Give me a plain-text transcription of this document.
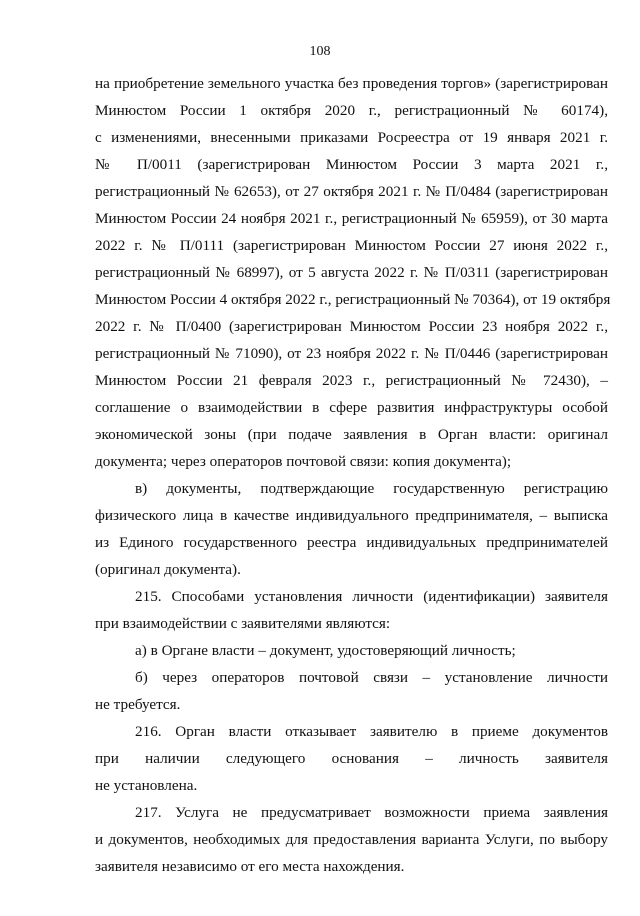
108
на приобретение земельного участка без проведения торгов» (зарегистрирован
Минюстом России 1 октября 2020 г., регистрационный № 60174),
с изменениями, внесенными приказами Росреестра от 19 января 2021 г.
№ П/0011 (зарегистрирован Минюстом России 3 марта 2021 г.,
регистрационный № 62653), от 27 октября 2021 г. № П/0484 (зарегистрирован
Минюстом России 24 ноября 2021 г., регистрационный № 65959), от 30 марта
2022 г. № П/0111 (зарегистрирован Минюстом России 27 июня 2022 г.,
регистрационный № 68997), от 5 августа 2022 г. № П/0311 (зарегистрирован
Минюстом России 4 октября 2022 г., регистрационный № 70364), от 19 октября
2022 г. № П/0400 (зарегистрирован Минюстом России 23 ноября 2022 г.,
регистрационный № 71090), от 23 ноября 2022 г. № П/0446 (зарегистрирован
Минюстом России 21 февраля 2023 г., регистрационный № 72430), –
соглашение о взаимодействии в сфере развития инфраструктуры особой
экономической зоны (при подаче заявления в Орган власти: оригинал
документа; через операторов почтовой связи: копия документа);
в) документы, подтверждающие государственную регистрацию
физического лица в качестве индивидуального предпринимателя, – выписка
из Единого государственного реестра индивидуальных предпринимателей
(оригинал документа).
215. Способами установления личности (идентификации) заявителя
при взаимодействии с заявителями являются:
а) в Органе власти – документ, удостоверяющий личность;
б) через операторов почтовой связи – установление личности
не требуется.
216. Орган власти отказывает заявителю в приеме документов
при наличии следующего основания – личность заявителя
не установлена.
217. Услуга не предусматривает возможности приема заявления
и документов, необходимых для предоставления варианта Услуги, по выбору
заявителя независимо от его места нахождения.
